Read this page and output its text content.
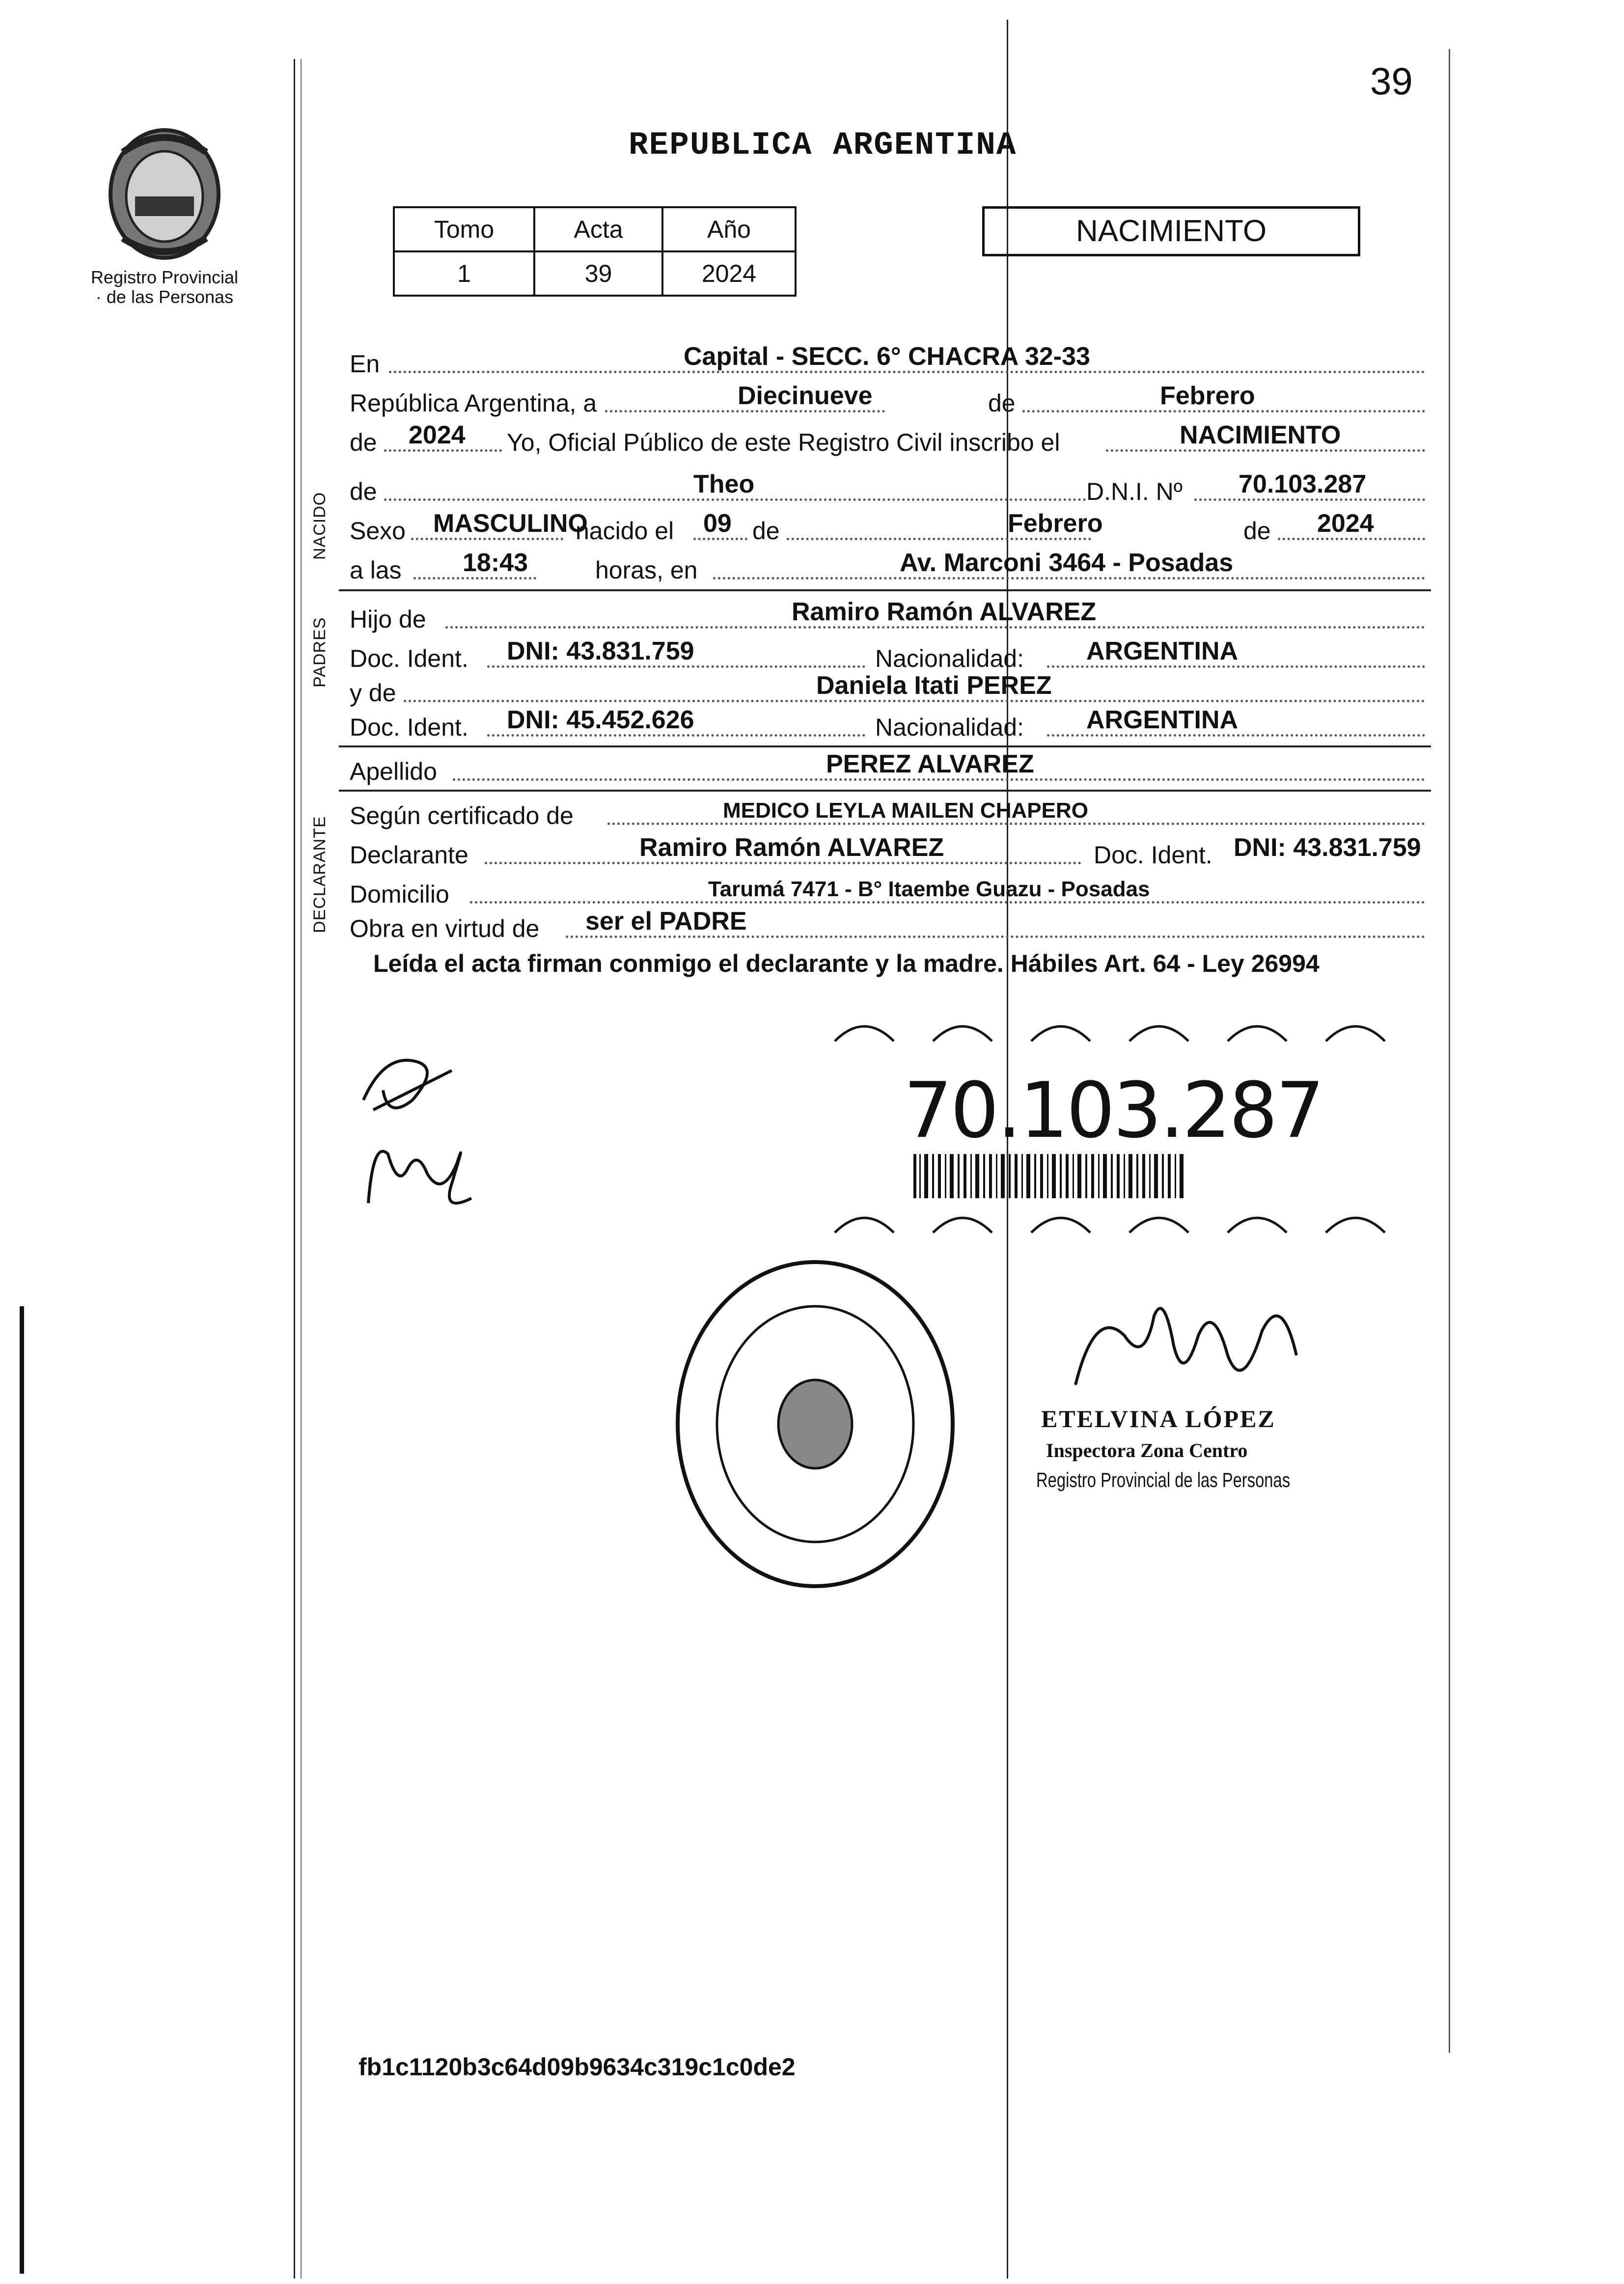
Registro Provincial
· de las Personas
39
REPUBLICA ARGENTINA
Tomo	Acta	Año
1	39	2024
NACIMIENTO
NACIDO
PADRES
DECLARANTE
En	Capital - SECC. 6° CHACRA 32-33
República Argentina, a	Diecinueve	de	Febrero
de 2024 Yo, Oficial Público de este Registro Civil inscribo el	NACIMIENTO
de	Theo	D.N.I. Nº 70.103.287
Sexo MASCULINO
nacido el 09 de	Febrero	de 2024
a las 18:43	horas, en	Av. Marconi 3464 - Posadas
Hijo de	Ramiro Ramón ALVAREZ
Doc. Ident. DNI: 43.831.759	Nacionalidad: ARGENTINA
y de	Daniela Itati PEREZ
Doc. Ident. DNI: 45.452.626	Nacionalidad: ARGENTINA
Apellido	PEREZ ALVAREZ
Según certificado de	MEDICO LEYLA MAILEN CHAPERO
Declarante	Ramiro Ramón ALVAREZ	Doc. Ident. DNI: 43.831.759
Domicilio	Tarumá 7471 - B° Itaembe Guazu - Posadas
Obra en virtud de ser el PADRE
Leída el acta firman conmigo el declarante y la madre. Hábiles Art. 64 - Ley 26994
70.103.287
ETELVINA LÓPEZ
Inspectora Zona Centro
Registro Provincial de las Personas
fb1c1120b3c64d09b9634c319c1c0de2
